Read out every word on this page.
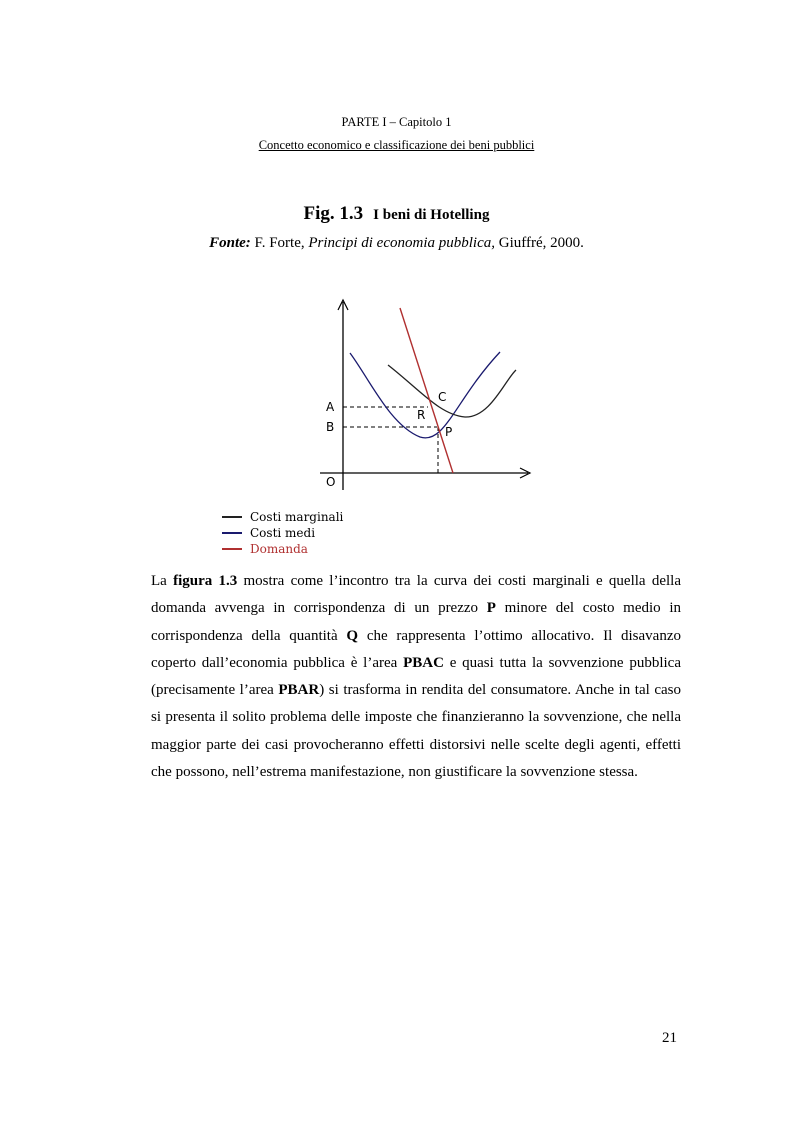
PARTE I – Capitolo 1
Concetto economico e classificazione dei beni pubblici
Fig. 1.3 I beni di Hotelling
Fonte: F. Forte, Principi di economia pubblica, Giuffré, 2000.
A
B
O
C
R
P
Costi marginali
Costi medi
Domanda
La figura 1.3 mostra come l’incontro tra la curva dei costi marginali e quella della domanda avvenga in corrispondenza di un prezzo P minore del costo medio in corrispondenza della quantità Q che rappresenta l’ottimo allocativo. Il disavanzo coperto dall’economia pubblica è l’area PBAC e quasi tutta la sovvenzione pubblica (precisamente l’area PBAR) si trasforma in rendita del consumatore. Anche in tal caso si presenta il solito problema delle imposte che finanzieranno la sovvenzione, che nella maggior parte dei casi provocheranno effetti distorsivi nelle scelte degli agenti, effetti che possono, nell’estrema manifestazione, non giustificare la sovvenzione stessa.
21
